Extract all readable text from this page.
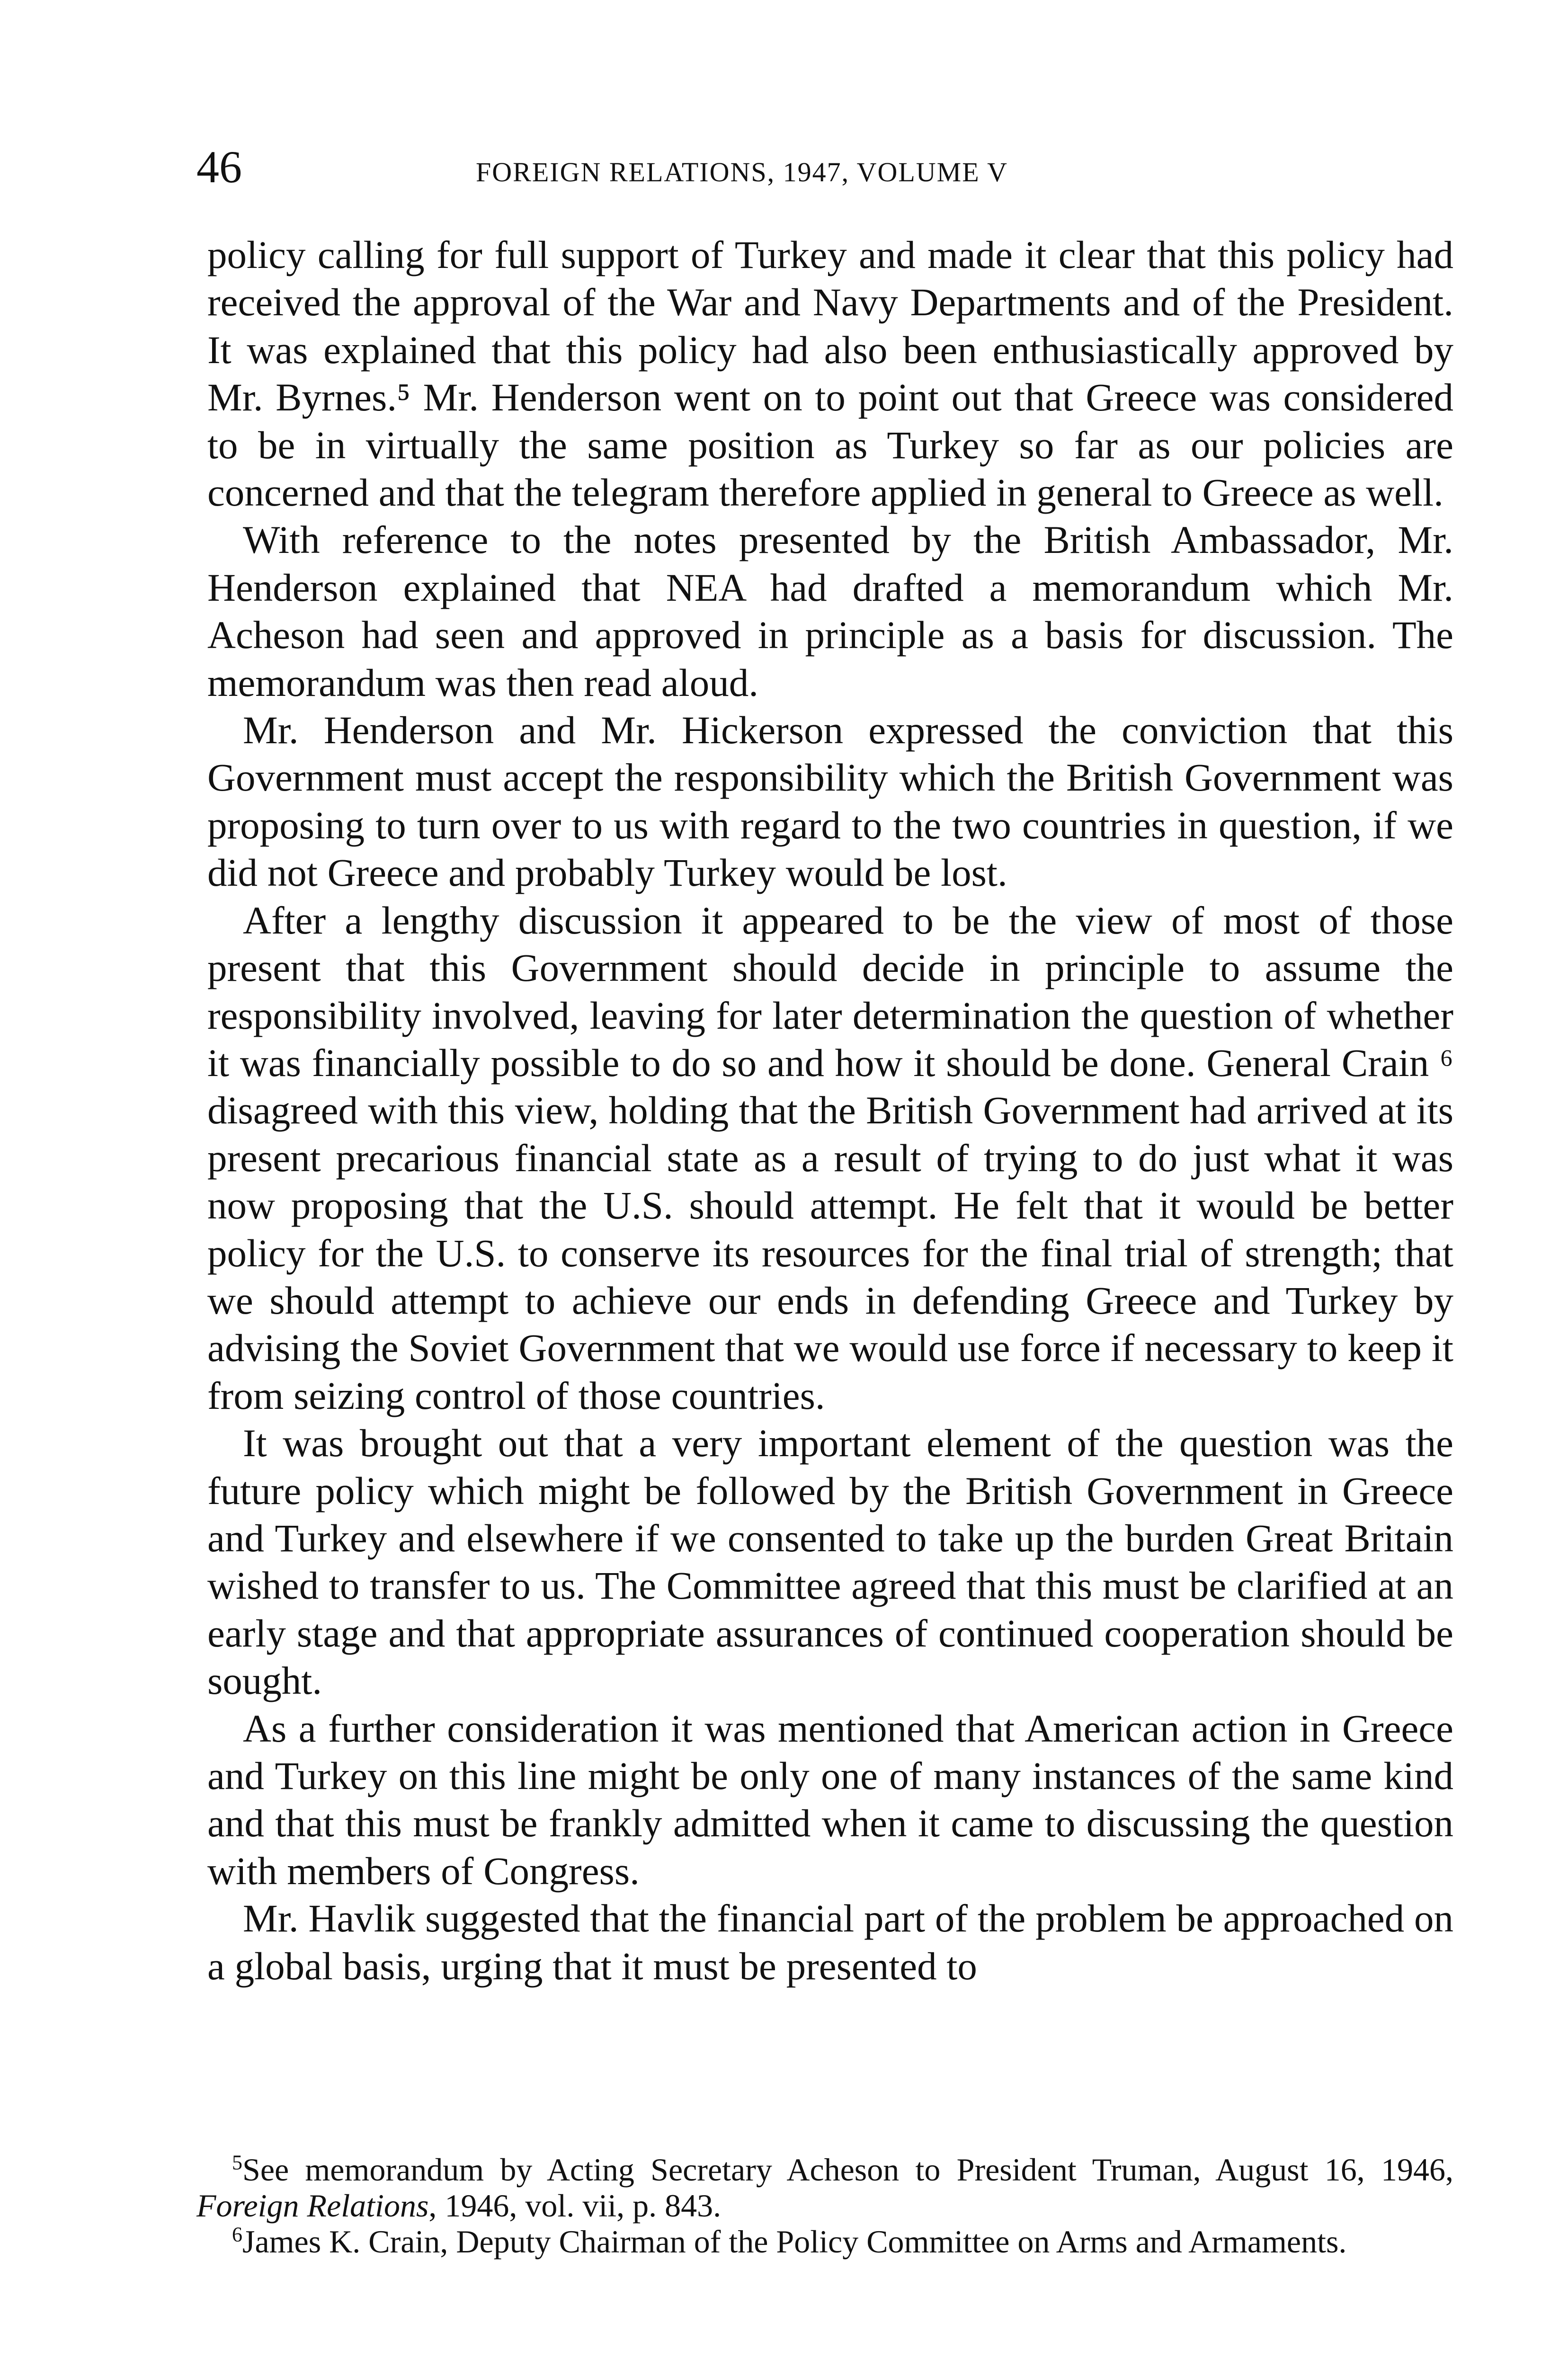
46	FOREIGN RELATIONS, 1947, VOLUME V

policy calling for full support of Turkey and made it clear that this policy had received the approval of the War and Navy Departments and of the President. It was explained that this policy had also been enthusiastically approved by Mr. Byrnes.⁵ Mr. Henderson went on to point out that Greece was considered to be in virtually the same position as Turkey so far as our policies are concerned and that the telegram therefore applied in general to Greece as well.

With reference to the notes presented by the British Ambassador, Mr. Henderson explained that NEA had drafted a memorandum which Mr. Acheson had seen and approved in principle as a basis for discussion. The memorandum was then read aloud.

Mr. Henderson and Mr. Hickerson expressed the conviction that this Government must accept the responsibility which the British Government was proposing to turn over to us with regard to the two countries in question, if we did not Greece and probably Turkey would be lost.

After a lengthy discussion it appeared to be the view of most of those present that this Government should decide in principle to assume the responsibility involved, leaving for later determination the question of whether it was financially possible to do so and how it should be done. General Crain ⁶ disagreed with this view, holding that the British Government had arrived at its present precarious financial state as a result of trying to do just what it was now proposing that the U.S. should attempt. He felt that it would be better policy for the U.S. to conserve its resources for the final trial of strength; that we should attempt to achieve our ends in defending Greece and Turkey by advising the Soviet Government that we would use force if necessary to keep it from seizing control of those countries.

It was brought out that a very important element of the question was the future policy which might be followed by the British Government in Greece and Turkey and elsewhere if we consented to take up the burden Great Britain wished to transfer to us. The Committee agreed that this must be clarified at an early stage and that appropriate assurances of continued cooperation should be sought.

As a further consideration it was mentioned that American action in Greece and Turkey on this line might be only one of many instances of the same kind and that this must be frankly admitted when it came to discussing the question with members of Congress.

Mr. Havlik suggested that the financial part of the problem be approached on a global basis, urging that it must be presented to

$^5$See memorandum by Acting Secretary Acheson to President Truman, August 16, 1946, Foreign Relations, 1946, vol. vii, p. 843.

$^6$James K. Crain, Deputy Chairman of the Policy Committee on Arms and Armaments.
